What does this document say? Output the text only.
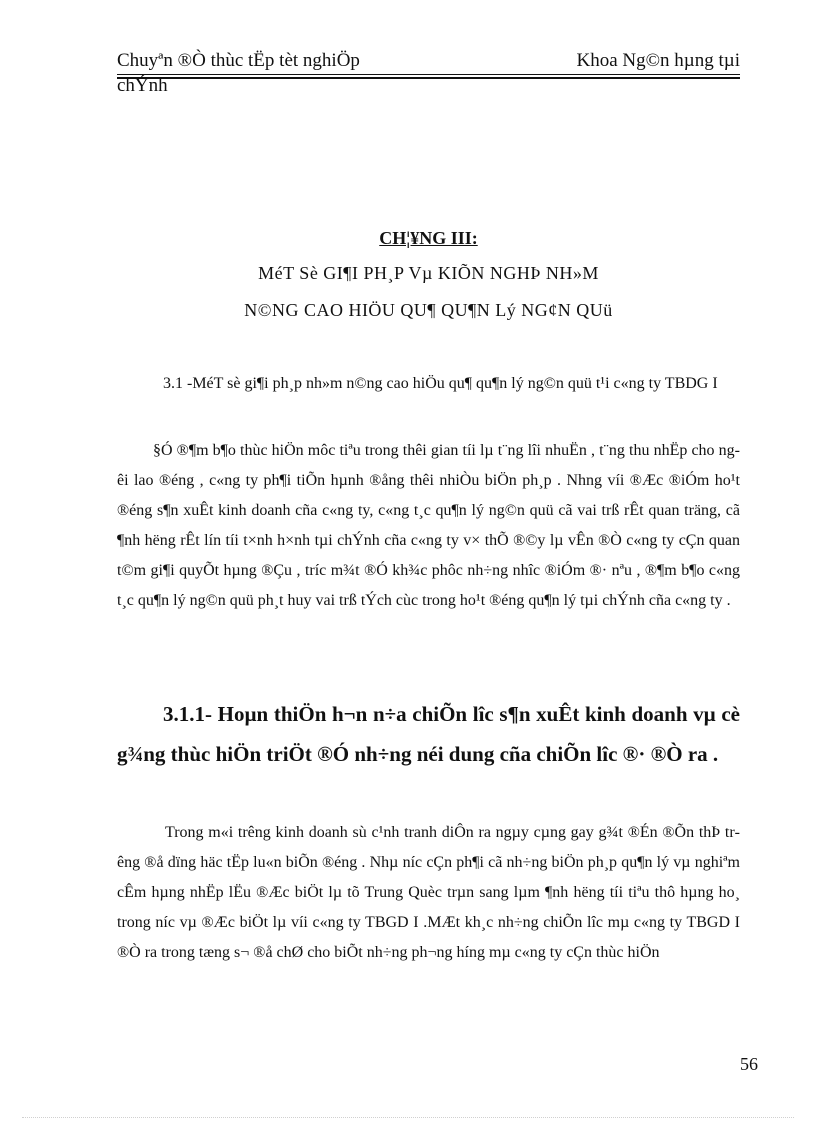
Chuyªn ®Ò thùc tËp tèt nghiÖp	Khoa Ng©n hµng tµi
chÝnh
CH¦¥NG III:
MéT Sè GI¶I PH¸P Vµ KIÕN NGHÞ NH»M
N©NG CAO HIÖU QU¶ QU¶N Lý NG¢N QUü
3.1 -MéT sè gi¶i ph¸p nh»m n©ng cao hiÖu qu¶ qu¶n lý ng©n quü t¹i c«ng ty TBDG I
§Ó ®¶m b¶o thùc hiÖn môc tiªu trong thêi gian tíi lµ t¨ng lîi nhuËn , t¨ng thu nhËp cho ngêi lao ®éng , c«ng ty ph¶i tiÕn hµnh ®ång thêi nhiÒu biÖn ph¸p . Nhng víi ®Æc ®iÓm ho¹t ®éng s¶n xuÊt kinh doanh cña c«ng ty, c«ng t¸c qu¶n lý ng©n quü cã vai trß rÊt quan träng, cã ¶nh hëng rÊt lín tíi t×nh h×nh tµi chÝnh cña c«ng ty v× thÕ ®©y lµ vÊn ®Ò c«ng ty cÇn quan t©m gi¶i quyÕt hµng ®Çu , tríc m¾t ®Ó kh¾c phôc nh÷ng nhîc ®iÓm ®· nªu , ®¶m b¶o c«ng t¸c qu¶n lý ng©n quü ph¸t huy vai trß tÝch cùc trong ho¹t ®éng qu¶n lý tµi chÝnh cña c«ng ty .
3.1.1- Hoµn thiÖn h¬n n÷a chiÕn lîc s¶n xuÊt kinh doanh vµ cè g¾ng thùc hiÖn triÖt ®Ó nh÷ng néi dung cña chiÕn lîc ®· ®Ò ra .
Trong m«i trêng kinh doanh sù c¹nh tranh diÔn ra ngµy cµng gay g¾t ®Én ®Õn thÞ trêng ®å dïng häc tËp lu«n biÕn ®éng . Nhµ níc cÇn ph¶i cã nh÷ng biÖn ph¸p qu¶n lý vµ nghiªm cÊm hµng nhËp lËu ®Æc biÖt lµ tõ Trung Quèc trµn sang lµm ¶nh hëng tíi tiªu thô hµng ho¸ trong níc vµ ®Æc biÖt lµ víi c«ng ty TBGD I .MÆt kh¸c nh÷ng chiÕn lîc mµ c«ng ty TBGD I ®Ò ra trong tæng s¬ ®å chØ cho biÕt nh÷ng ph¬ng híng mµ c«ng ty cÇn thùc hiÖn
56
